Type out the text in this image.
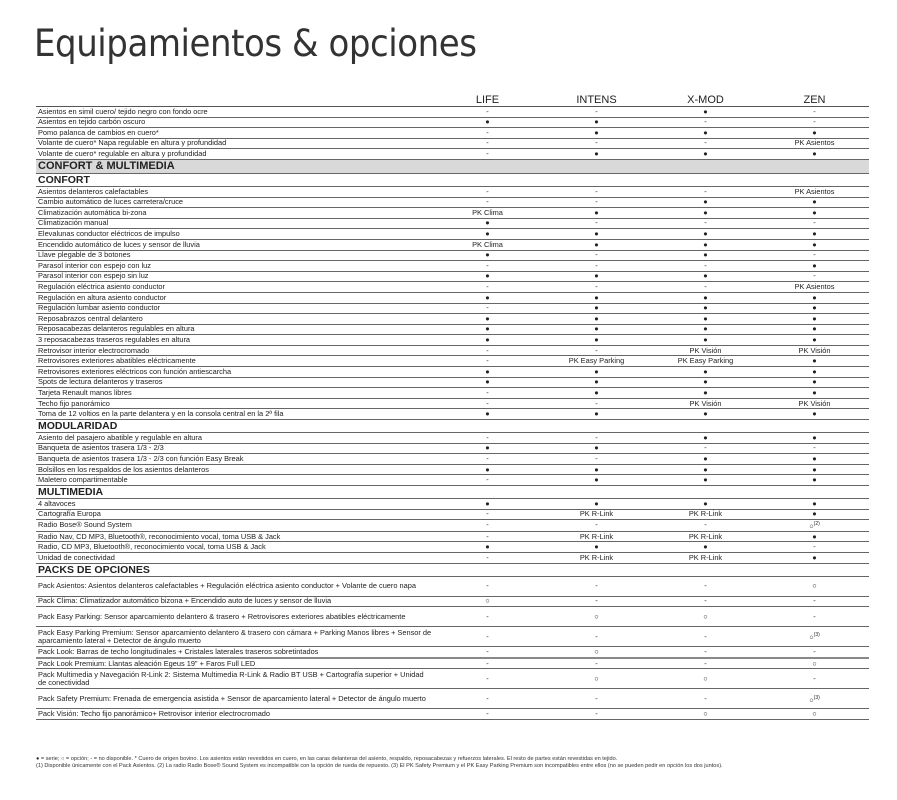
Equipamientos & opciones
	LIFE	INTENS	X-MOD	ZEN
Asientos en simil cuero/ tejido negro con fondo ocre	-	-	●	-
Asientos en tejido carbón oscuro	●	●	-	-
Pomo palanca de cambios en cuero*	-	●	●	●
Volante de cuero* Napa regulable en altura y profundidad	-	-	-	PK Asientos
Volante de cuero* regulable en altura y profundidad	-	●	●	●
CONFORT & MULTIMEDIA				
CONFORT				
Asientos delanteros calefactables	-	-	-	PK Asientos
Cambio automático de luces carretera/cruce	-	-	●	●
Climatización automática bi-zona	PK Clima	●	●	●
Climatización manual	●	-	-	-
Elevalunas conductor eléctricos de impulso	●	●	●	●
Encendido automático de luces y sensor de lluvia	PK Clima	●	●	●
Llave plegable de 3 botones	●	-	●	-
Parasol interior con espejo con luz	-	-	-	●
Parasol interior con espejo sin luz	●	●	●	-
Regulación eléctrica asiento conductor	-	-	-	PK Asientos
Regulación en altura asiento conductor	●	●	●	●
Regulación lumbar asiento conductor	-	●	●	●
Reposabrazos central delantero	●	●	●	●
Reposacabezas delanteros regulables en altura	●	●	●	●
3 reposacabezas traseros regulables en altura	●	●	●	●
Retrovisor interior electrocromado	-	-	PK Visión	PK Visión
Retrovisores exteriores abatibles eléctricamente	-	PK Easy Parking	PK Easy Parking	●
Retrovisores exteriores eléctricos con función antiescarcha	●	●	●	●
Spots de lectura delanteros y traseros	●	●	●	●
Tarjeta Renault manos libres	-	●	●	●
Techo fijo panorámico	-	-	PK Visión	PK Visión
Toma de 12 voltios en la parte delantera y en la consola central en la 2ª fila	●	●	●	●
MODULARIDAD				
Asiento del pasajero abatible y regulable en altura	-	-	●	●
Banqueta de asientos trasera 1/3 - 2/3	●	●	-	-
Banqueta de asientos trasera 1/3 - 2/3 con función Easy Break	-	-	●	●
Bolsillos en los respaldos de los asientos delanteros	●	●	●	●
Maletero compartimentable	-	●	●	●
MULTIMEDIA				
4 altavoces	●	●	●	●
Cartografía Europa	-	PK R-Link	PK R-Link	●
Radio Bose® Sound System	-	-	-	○$^{(2)}$
Radio Nav, CD MP3, Bluetooth®, reconocimiento vocal, toma USB & Jack	-	PK R-Link	PK R-Link	●
Radio, CD MP3, Bluetooth®, reconocimiento vocal, toma USB & Jack	●	●	●	-
Unidad de conectividad	-	PK R-Link	PK R-Link	●
PACKS DE OPCIONES				
Pack Asientos: Asientos delanteros calefactables + Regulación eléctrica asiento conductor + Volante de cuero napa	-	-	-	○
Pack Clima: Climatizador automático bizona + Encendido auto de luces y sensor de lluvia	○	-	-	-
Pack Easy Parking: Sensor aparcamiento delantero & trasero + Retrovisores exteriores abatibles eléctricamente	-	○	○	-
Pack Easy Parking Premium: Sensor aparcamiento delantero & trasero con cámara + Parking Manos libres + Sensor de aparcamiento lateral + Detector de ángulo muerto	-	-	-	○$^{(3)}$
Pack Look: Barras de techo longitudinales + Cristales laterales traseros sobretintados	-	○	-	-
Pack Look Premium: Llantas aleación Egeus 19" + Faros Full LED	-	-	-	○
Pack Multimedia y Navegación R-Link 2: Sistema Multimedia R-Link & Radio BT USB + Cartografía superior + Unidad de conectividad	-	○	○	-
Pack Safety Premium: Frenada de emergencia asistida + Sensor de aparcamiento lateral + Detector de ángulo muerto	-	-	-	○$^{(3)}$
Pack Visión: Techo fijo panorámico+ Retrovisor interior electrocromado	-	-	○	○
● = serie; ○ = opción; - = no disponible. * Cuero de origen bovino. Los asientos están revestidos en cuero, en las caras delanteras del asiento, respaldo, reposacabezas y refuerzos laterales. El resto de partes están revestidas en tejido.
(1) Disponible únicamente con el Pack Asientos. (2) La radio Radio Bose® Sound System es incompatible con la opción de rueda de repuesto. (3) El PK Safety Premium y el PK Easy Parking Premium son incompatibles entre ellos (no se pueden pedir en opción los dos juntos).
